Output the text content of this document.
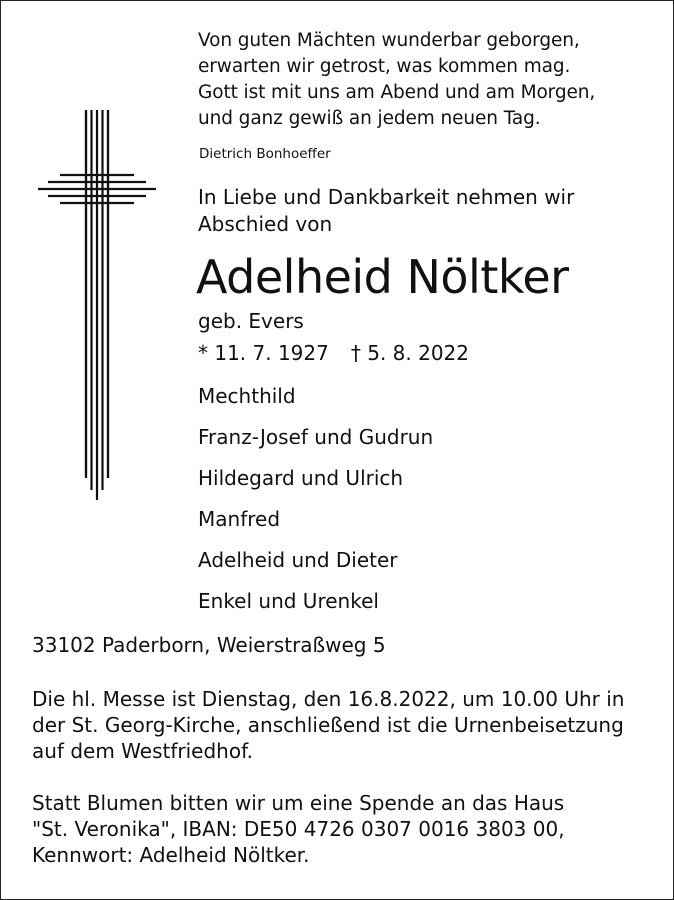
Von guten Mächten wunderbar geborgen,
erwarten wir getrost, was kommen mag.
Gott ist mit uns am Abend und am Morgen,
und ganz gewiß an jedem neuen Tag.
Dietrich Bonhoeffer
In Liebe und Dankbarkeit nehmen wir
Abschied von
Adelheid Nöltker
geb. Evers
* 11. 7. 1927 † 5. 8. 2022
Mechthild
Franz-Josef und Gudrun
Hildegard und Ulrich
Manfred
Adelheid und Dieter
Enkel und Urenkel
33102 Paderborn, Weierstraßweg 5
Die hl. Messe ist Dienstag, den 16.8.2022, um 10.00 Uhr in
der St. Georg-Kirche, anschließend ist die Urnenbeisetzung
auf dem Westfriedhof.
Statt Blumen bitten wir um eine Spende an das Haus
"St. Veronika", IBAN: DE50 4726 0307 0016 3803 00,
Kennwort: Adelheid Nöltker.
